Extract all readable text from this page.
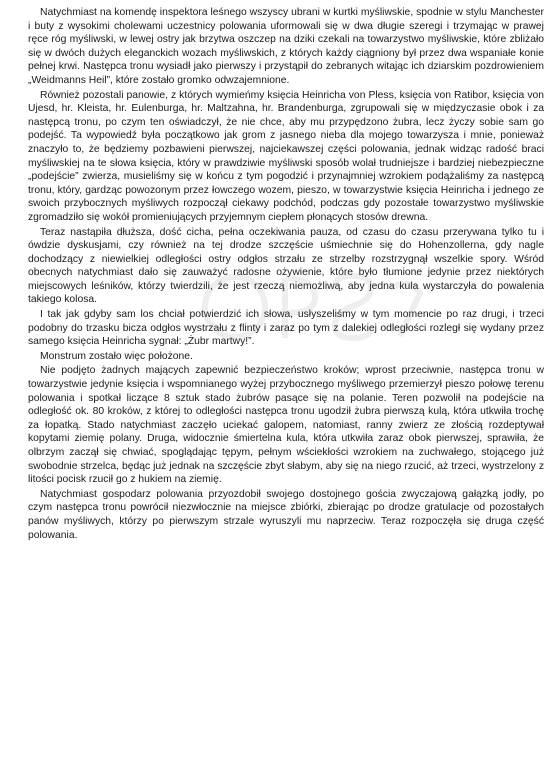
Natychmiast na komendę inspektora leśnego wszyscy ubrani w kurtki myśliwskie, spodnie w stylu Manchester i buty z wysokimi cholewami uczestnicy polowania uformowali się w dwa długie szeregi i trzymając w prawej ręce róg myśliwski, w lewej ostry jak brzytwa oszczep na dziki czekali na towarzystwo myśliwskie, które zbliżało się w dwóch dużych eleganckich wozach myśliwskich, z których każdy ciągniony był przez dwa wspaniałe konie pełnej krwi. Następca tronu wysiadł jako pierwszy i przystąpił do zebranych witając ich dziarskim pozdrowieniem „Weidmanns Heil”, które zostało gromko odwzajemnione.

Również pozostali panowie, z których wymieńmy księcia Heinricha von Pless, księcia von Ratibor, księcia von Ujesd, hr. Kleista, hr. Eulenburga, hr. Maltzahna, hr. Brandenburga, zgrupowali się w międzyczasie obok i za następcą tronu, po czym ten oświadczył, że nie chce, aby mu przypędzono żubra, lecz życzy sobie sam go podejść. Ta wypowiedź była początkowo jak grom z jasnego nieba dla mojego towarzysza i mnie, ponieważ znaczyło to, że będziemy pozbawieni pierwszej, najciekawszej części polowania, jednak widząc radość braci myśliwskiej na te słowa księcia, który w prawdziwie myśliwski sposób wolał trudniejsze i bardziej niebezpieczne „podejście” zwierza, musieliśmy się w końcu z tym pogodzić i przynajmniej wzrokiem podążaliśmy za następcą tronu, który, gardząc powozonym przez łowczego wozem, pieszo, w towarzystwie księcia Heinricha i jednego ze swoich przybocznych myśliwych rozpoczął ciekawy podchód, podczas gdy pozostałe towarzystwo myśliwskie zgromadziło się wokół promieniujących przyjemnym ciepłem płonących stosów drewna.

Teraz nastąpiła dłuższa, dość cicha, pełna oczekiwania pauza, od czasu do czasu przerywana tylko tu i ówdzie dyskusjami, czy również na tej drodze szczęście uśmiechnie się do Hohenzollerna, gdy nagle dochodzący z niewielkiej odległości ostry odgłos strzału ze strzelby rozstrzygnął wszelkie spory. Wśród obecnych natychmiast dało się zauważyć radosne ożywienie, które było tłumione jedynie przez niektórych miejscowych leśników, którzy twierdzili, że jest rzeczą niemożliwą, aby jedna kula wystarczyła do powalenia takiego kolosa.

I tak jak gdyby sam los chciał potwierdzić ich słowa, usłyszeliśmy w tym momencie po raz drugi, i trzeci podobny do trzasku bicza odgłos wystrzału z flinty i zaraz po tym z dalekiej odległości rozległ się wydany przez samego księcia Heinricha sygnał: „Żubr martwy!”.

Monstrum zostało więc położone.

Nie podjęto żadnych mających zapewnić bezpieczeństwo kroków; wprost przeciwnie, następca tronu w towarzystwie jedynie księcia i wspomnianego wyżej przybocznego myśliwego przemierzył pieszo połowę terenu polowania i spotkał liczące 8 sztuk stado żubrów pasące się na polanie. Teren pozwolił na podejście na odległość ok. 80 kroków, z której to odległości następca tronu ugodził żubra pierwszą kulą, która utkwiła trochę za łopatką. Stado natychmiast zaczęło uciekać galopem, natomiast, ranny zwierz ze złością rozdeptywał kopytami ziemię polany. Druga, widocznie śmiertelna kula, która utkwiła zaraz obok pierwszej, sprawiła, że olbrzym zaczął się chwiać, spoglądając tępym, pełnym wściekłości wzrokiem na zuchwałego, stojącego już swobodnie strzelca, będąc już jednak na szczęście zbyt słabym, aby się na niego rzucić, aż trzeci, wystrzelony z litości pocisk rzucił go z hukiem na ziemię.

Natychmiast gospodarz polowania przyozdobił swojego dostojnego gościa zwyczajową gałązką jodły, po czym następca tronu powrócił niezwłocznie na miejsce zbiórki, zbierając po drodze gratulacje od pozostałych panów myśliwych, którzy po pierwszym strzale wyruszyli mu naprzeciw. Teraz rozpoczęła się druga część polowania.
